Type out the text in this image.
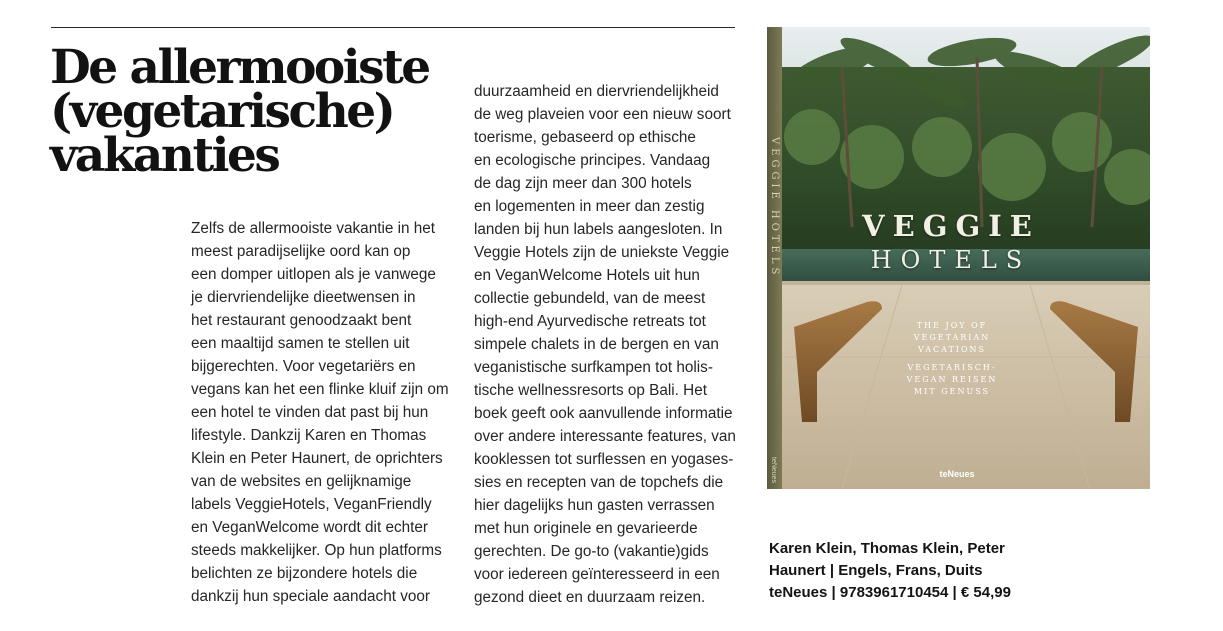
De allermooiste
(vegetarische)
vakanties
Zelfs de allermooiste vakantie in het
meest paradijselijke oord kan op
een domper uitlopen als je vanwege
je diervriendelijke dieetwensen in
het restaurant genoodzaakt bent
een maaltijd samen te stellen uit
bijgerechten. Voor vegetariërs en
vegans kan het een flinke kluif zijn om
een hotel te vinden dat past bij hun
lifestyle. Dankzij Karen en Thomas
Klein en Peter Haunert, de oprichters
van de websites en gelijknamige
labels VeggieHotels, VeganFriendly
en VeganWelcome wordt dit echter
steeds makkelijker. Op hun platforms
belichten ze bijzondere hotels die
dankzij hun speciale aandacht voor
duurzaamheid en diervriendelijkheid
de weg plaveien voor een nieuw soort
toerisme, gebaseerd op ethische
en ecologische principes. Vandaag
de dag zijn meer dan 300 hotels
en logementen in meer dan zestig
landen bij hun labels aangesloten. In
Veggie Hotels zijn de uniekste Veggie
en VeganWelcome Hotels uit hun
collectie gebundeld, van de meest
high-end Ayurvedische retreats tot
simpele chalets in de bergen en van
veganistische surfkampen tot holis-
tische wellnessresorts op Bali. Het
boek geeft ook aanvullende informatie
over andere interessante features, van
kooklessen tot surflessen en yogases-
sies en recepten van de topchefs die
hier dagelijks hun gasten verrassen
met hun originele en gevarieerde
gerechten. De go-to (vakantie)gids
voor iedereen geïnteresseerd in een
gezond dieet en duurzaam reizen.
VEGGIE HOTELS
teNeues
VEGGIE
HOTELS
THE JOY OF
VEGETARIAN
VACATIONS
VEGETARISCH-
VEGAN REISEN
MIT GENUSS
teNeues
Karen Klein, Thomas Klein, Peter
Haunert | Engels, Frans, Duits
teNeues | 9783961710454 | € 54,99
